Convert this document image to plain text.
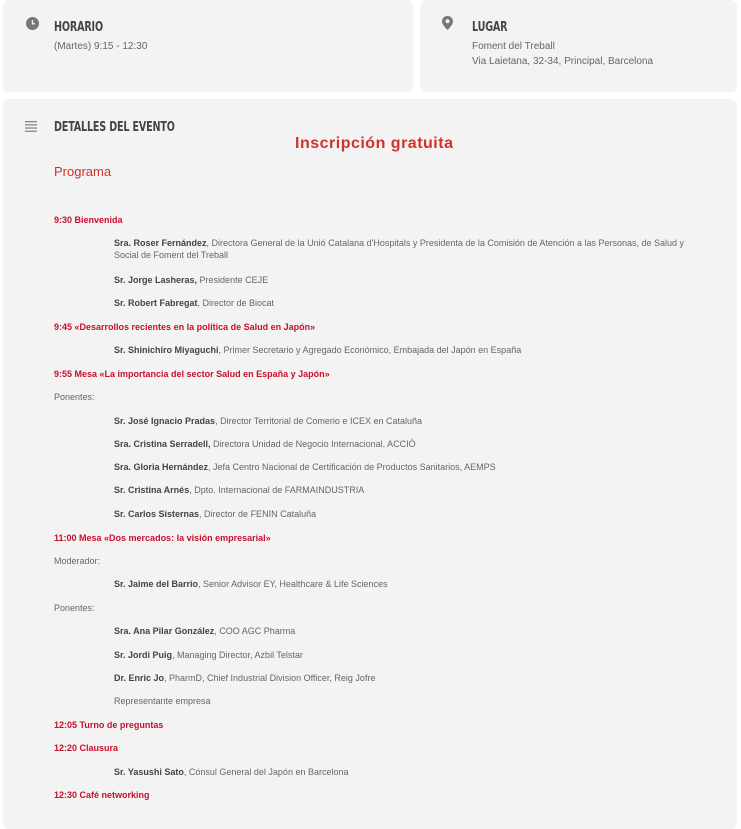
HORARIO
(Martes) 9:15 - 12:30
LUGAR
Foment del Treball
Via Laietana, 32-34, Principal, Barcelona
DETALLES DEL EVENTO
Inscripción gratuita
Programa
9:30 Bienvenida
Sra. Roser Fernández, Directora General de la Unió Catalana d'Hospitals y Presidenta de la Comisión de Atención a las Personas, de Salud y Social de Foment del Treball
Sr. Jorge Lasheras, Presidente CEJE
Sr. Robert Fabregat, Director de Biocat
9:45 «Desarrollos recientes en la política de Salud en Japón»
Sr. Shinichiro Miyaguchi, Primer Secretario y Agregado Económico, Embajada del Japón en España
9:55 Mesa «La importancia del sector Salud en España y Japón»
Ponentes:
Sr. José Ignacio Pradas, Director Territorial de Comerio e ICEX en Cataluña
Sra. Cristina Serradell, Directora Unidad de Negocio Internacional, ACCIÓ
Sra. Gloria Hernández, Jefa Centro Nacional de Certificación de Productos Sanitarios, AEMPS
Sr. Cristina Arnés, Dpto. Internacional de FARMAINDUSTRIA
Sr. Carlos Sisternas, Director de FENIN Cataluña
11:00 Mesa «Dos mercados: la visión empresarial»
Moderador:
Sr. Jaime del Barrio, Senior Advisor EY, Healthcare & Life Sciences
Ponentes:
Sra. Ana Pilar González, COO AGC Pharma
Sr. Jordi Puig, Managing Director, Azbil Telstar
Dr. Enric Jo, PharmD, Chief Industrial Division Officer, Reig Jofre
Representante empresa
12:05 Turno de preguntas
12:20 Clausura
Sr. Yasushi Sato, Cónsul General del Japón en Barcelona
12:30 Café networking
